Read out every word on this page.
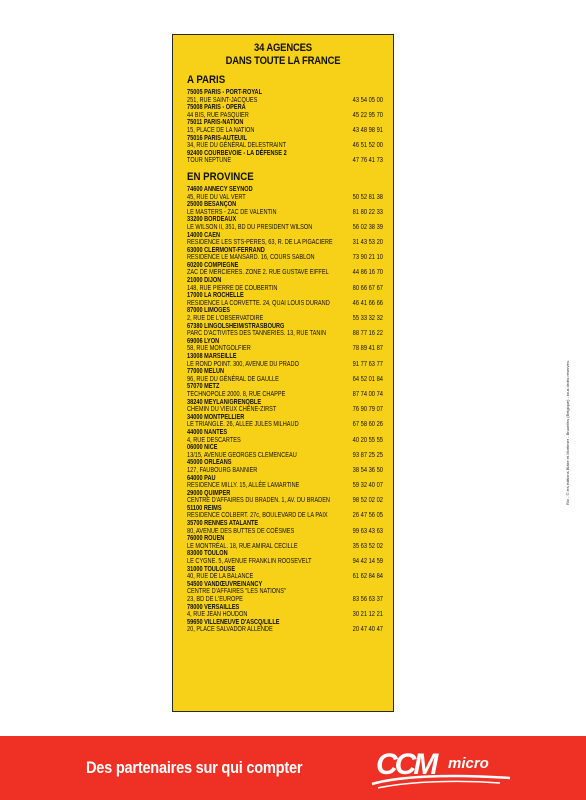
34 AGENCES
DANS TOUTE LA FRANCE
A PARIS
75005 PARIS - PORT-ROYAL
251, RUE SAINT-JACQUES	43 54 05 00
75008 PARIS - OPERA
44 BIS, RUE PASQUIER	45 22 95 70
75011 PARIS-NATION
15, PLACE DE LA NATION	43 48 98 91
75016 PARIS-AUTEUIL
34, RUE DU GÉNÉRAL DELESTRAINT	46 51 52 00
92400 COURBEVOIE - LA DÉFENSE 2
TOUR NEPTUNE	47 76 41 73
EN PROVINCE
74600 ANNECY SEYNOD
45, RUE DU VAL VERT	50 52 81 38
25000 BESANÇON
LE MASTERS - ZAC DE VALENTIN	81 80 22 33
33200 BORDEAUX
LE WILSON II, 351, BD DU PRESIDENT WILSON	56 02 38 39
14000 CAEN
RESIDENCE LES STS-PERES, 63, R. DE LA PIGACIERE	31 43 53 20
63000 CLERMONT-FERRAND
RESIDENCE LE MANSARD. 16, COURS SABLON	73 90 21 10
60200 COMPIEGNE
ZAC DE MERCIERES. ZONE 2. RUE GUSTAVE EIFFEL	44 86 16 70
21000 DIJON
148, RUE PIERRE DE COUBERTIN	80 66 67 67
17000 LA ROCHELLE
RESIDENCE LA CORVETTE. 24, QUAI LOUIS DURAND	46 41 66 66
87000 LIMOGES
2, RUE DE L'OBSERVATOIRE	55 33 32 32
67380 LINGOLSHEIM/STRASBOURG
PARC D'ACTIVITES DES TANNERIES. 13, RUE TANIN	88 77 16 22
69006 LYON
58, RUE MONTGOLFIER	78 89 41 87
13008 MARSEILLE
LE ROND POINT. 300, AVENUE DU PRADO	91 77 63 77
77000 MELUN
96, RUE DU GÉNÉRAL DE GAULLE	64 52 01 84
57070 METZ
TECHNOPOLE 2000. 8, RUE CHAPPE	87 74 00 74
38240 MEYLAN/GRENOBLE
CHEMIN DU VIEUX CHÊNE-ZIRST	76 90 79 07
34000 MONTPELLIER
LE TRIANGLE. 26, ALLEE JULES MILHAUD	67 58 60 26
44000 NANTES
4, RUE DESCARTES	40 20 55 55
06000 NICE
13/15, AVENUE GEORGES CLEMENCEAU	93 87 25 25
45000 ORLEANS
127, FAUBOURG BANNIER	38 54 36 50
64000 PAU
RESIDENCE MILLY. 15, ALLÉE LAMARTINE	59 32 40 07
29000 QUIMPER
CENTRE D'AFFAIRES DU BRADEN. 1, AV. DU BRADEN	98 52 02 02
51100 REIMS
RESIDENCE COLBERT. 27c, BOULEVARD DE LA PAIX	26 47 56 05
35700 RENNES ATALANTE
80, AVENUE DES BUTTES DE COËSMES	99 63 43 63
76000 ROUEN
LE MONTRÉAL. 18, RUE AMIRAL CECILLE	35 63 52 02
83000 TOULON
LE CYGNE. 5, AVENUE FRANKLIN ROOSEVELT	94 42 14 59
31000 TOULOUSE
40, RUE DE LA BALANCE	61 62 84 84
54500 VANDŒUVRE/NANCY
CENTRE D'AFFAIRES "LES NATIONS"
23, BD DE L'EUROPE	83 56 63 37
78000 VERSAILLES
4, RUE JEAN HOUDON	30 21 12 21
59650 VILLENEUVE D'ASCQ/LILLE
20, PLACE SALVADOR ALLENDE	20 47 40 47
Rio - © les éditions Blake et Mortimer - Bruxelles (Belgique) - tous droits réservés.
Des partenaires sur qui compter CCM micro
